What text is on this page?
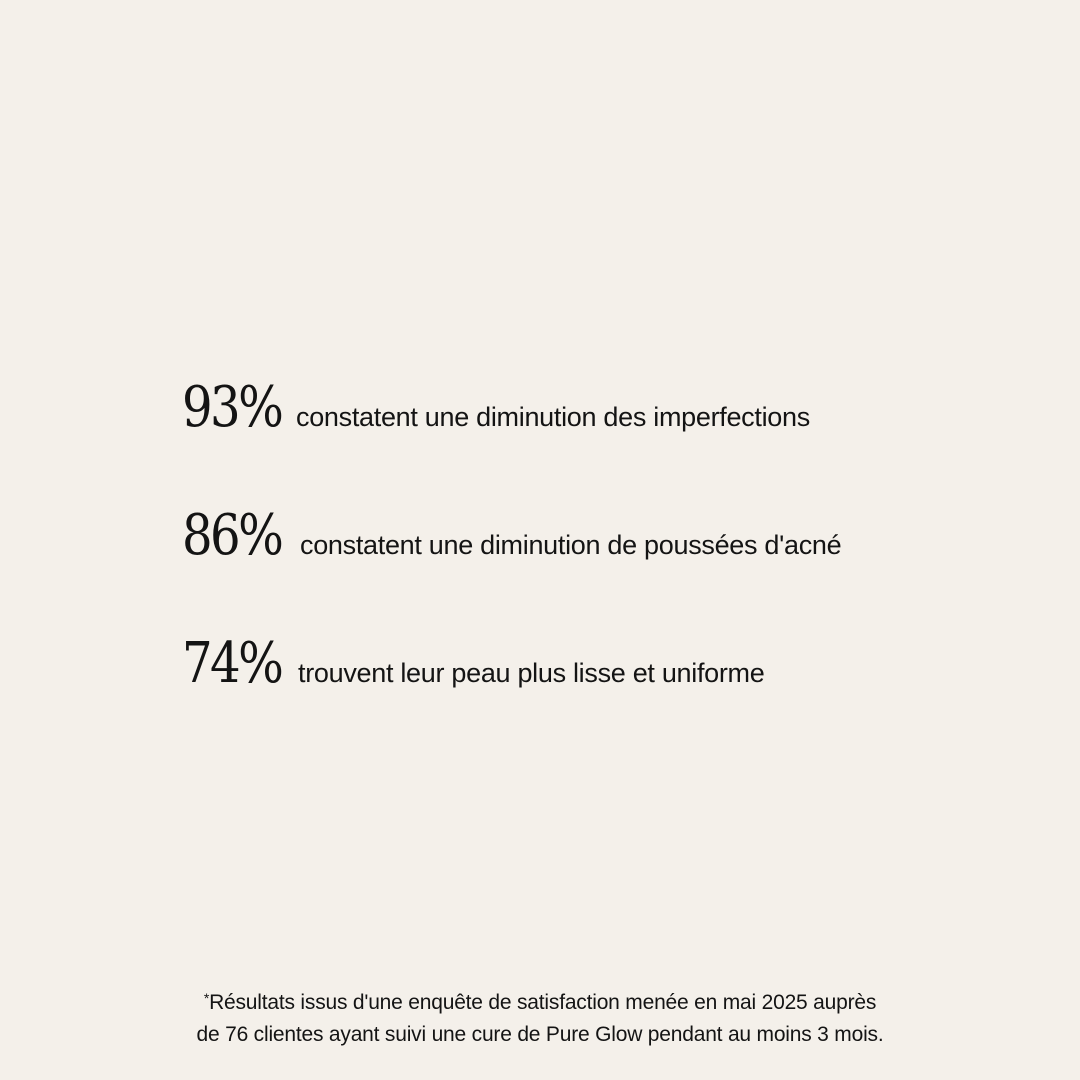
93% constatent une diminution des imperfections
86% constatent une diminution de poussées d'acné
74% trouvent leur peau plus lisse et uniforme
*Résultats issus d'une enquête de satisfaction menée en mai 2025 auprès
de 76 clientes ayant suivi une cure de Pure Glow pendant au moins 3 mois.
